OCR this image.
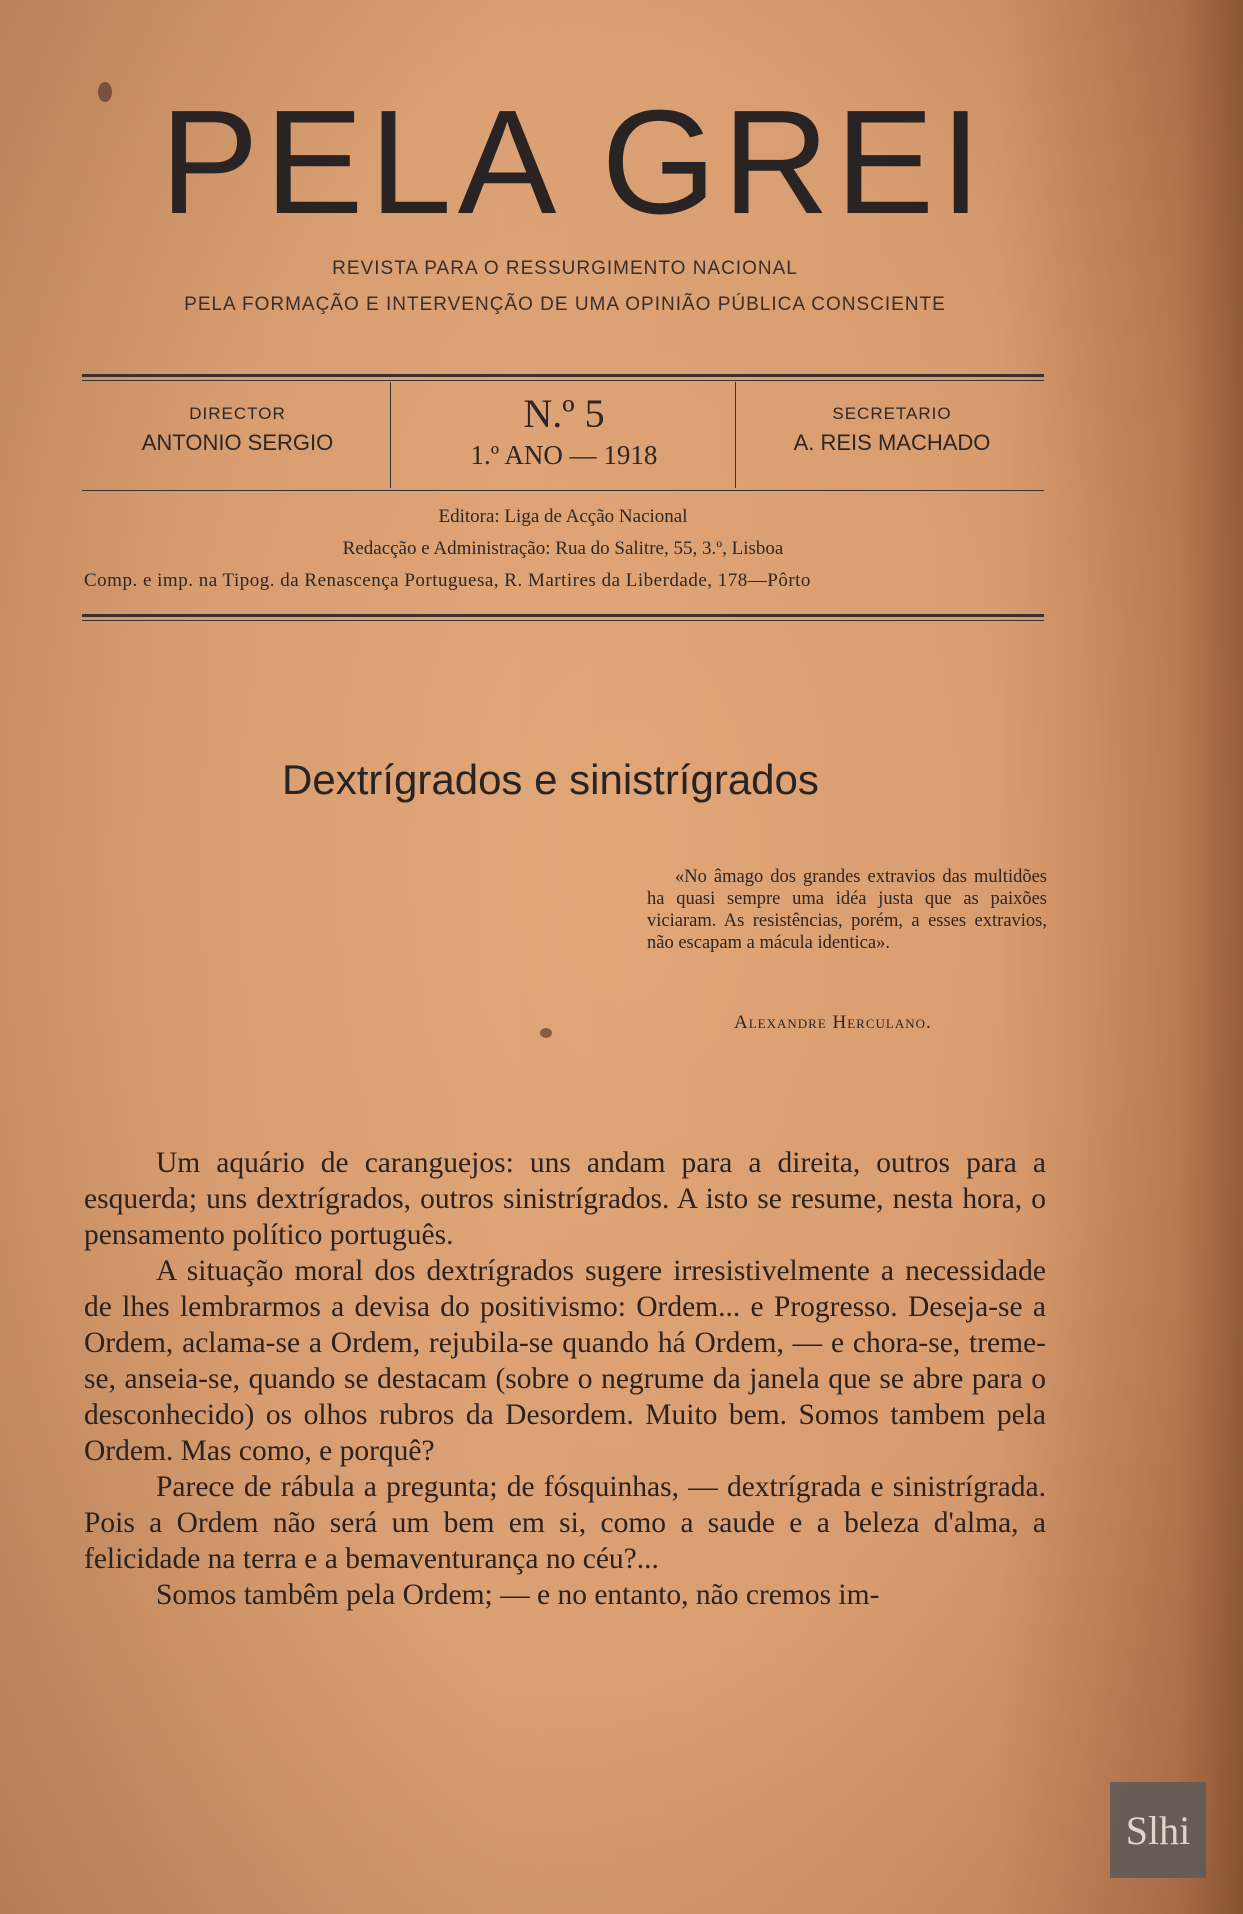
PELA GREI
REVISTA PARA O RESSURGIMENTO NACIONAL
PELA FORMAÇÃO E INTERVENÇÃO DE UMA OPINIÃO PÚBLICA CONSCIENTE
DIRECTOR
ANTONIO SERGIO
N.º 5
1.º ANO — 1918
SECRETARIO
A. REIS MACHADO
Editora: Liga de Acção Nacional
Redacção e Administração: Rua do Salitre, 55, 3.º, Lisboa
Comp. e imp. na Tipog. da Renascença Portuguesa, R. Martires da Liberdade, 178—Pôrto
Dextrígrados e sinistrígrados
«No âmago dos grandes extravios das multidões ha quasi sempre uma idéa justa que as paixões viciaram. As resistências, porém, a esses extravios, não escapam a mácula identica».
Alexandre Herculano.

Um aquário de caranguejos: uns andam para a direita, outros para a esquerda; uns dextrígrados, outros sinistrígrados. A isto se resume, nesta hora, o pensamento político português.

A situação moral dos dextrígrados sugere irresistivelmente a necessidade de lhes lembrarmos a devisa do positivismo: Ordem... e Progresso. Deseja-se a Ordem, aclama-se a Ordem, rejubila-se quando há Ordem, — e chora-se, treme-se, anseia-se, quando se destacam (sobre o negrume da janela que se abre para o desconhecido) os olhos rubros da Desordem. Muito bem. Somos tambem pela Ordem. Mas como, e porquê?

Parece de rábula a pregunta; de fósquinhas, — dextrígrada e sinistrígrada. Pois a Ordem não será um bem em si, como a saude e a beleza d'alma, a felicidade na terra e a bemaventurança no céu?...

Somos tambêm pela Ordem; — e no entanto, não cremos im-

Slhi
